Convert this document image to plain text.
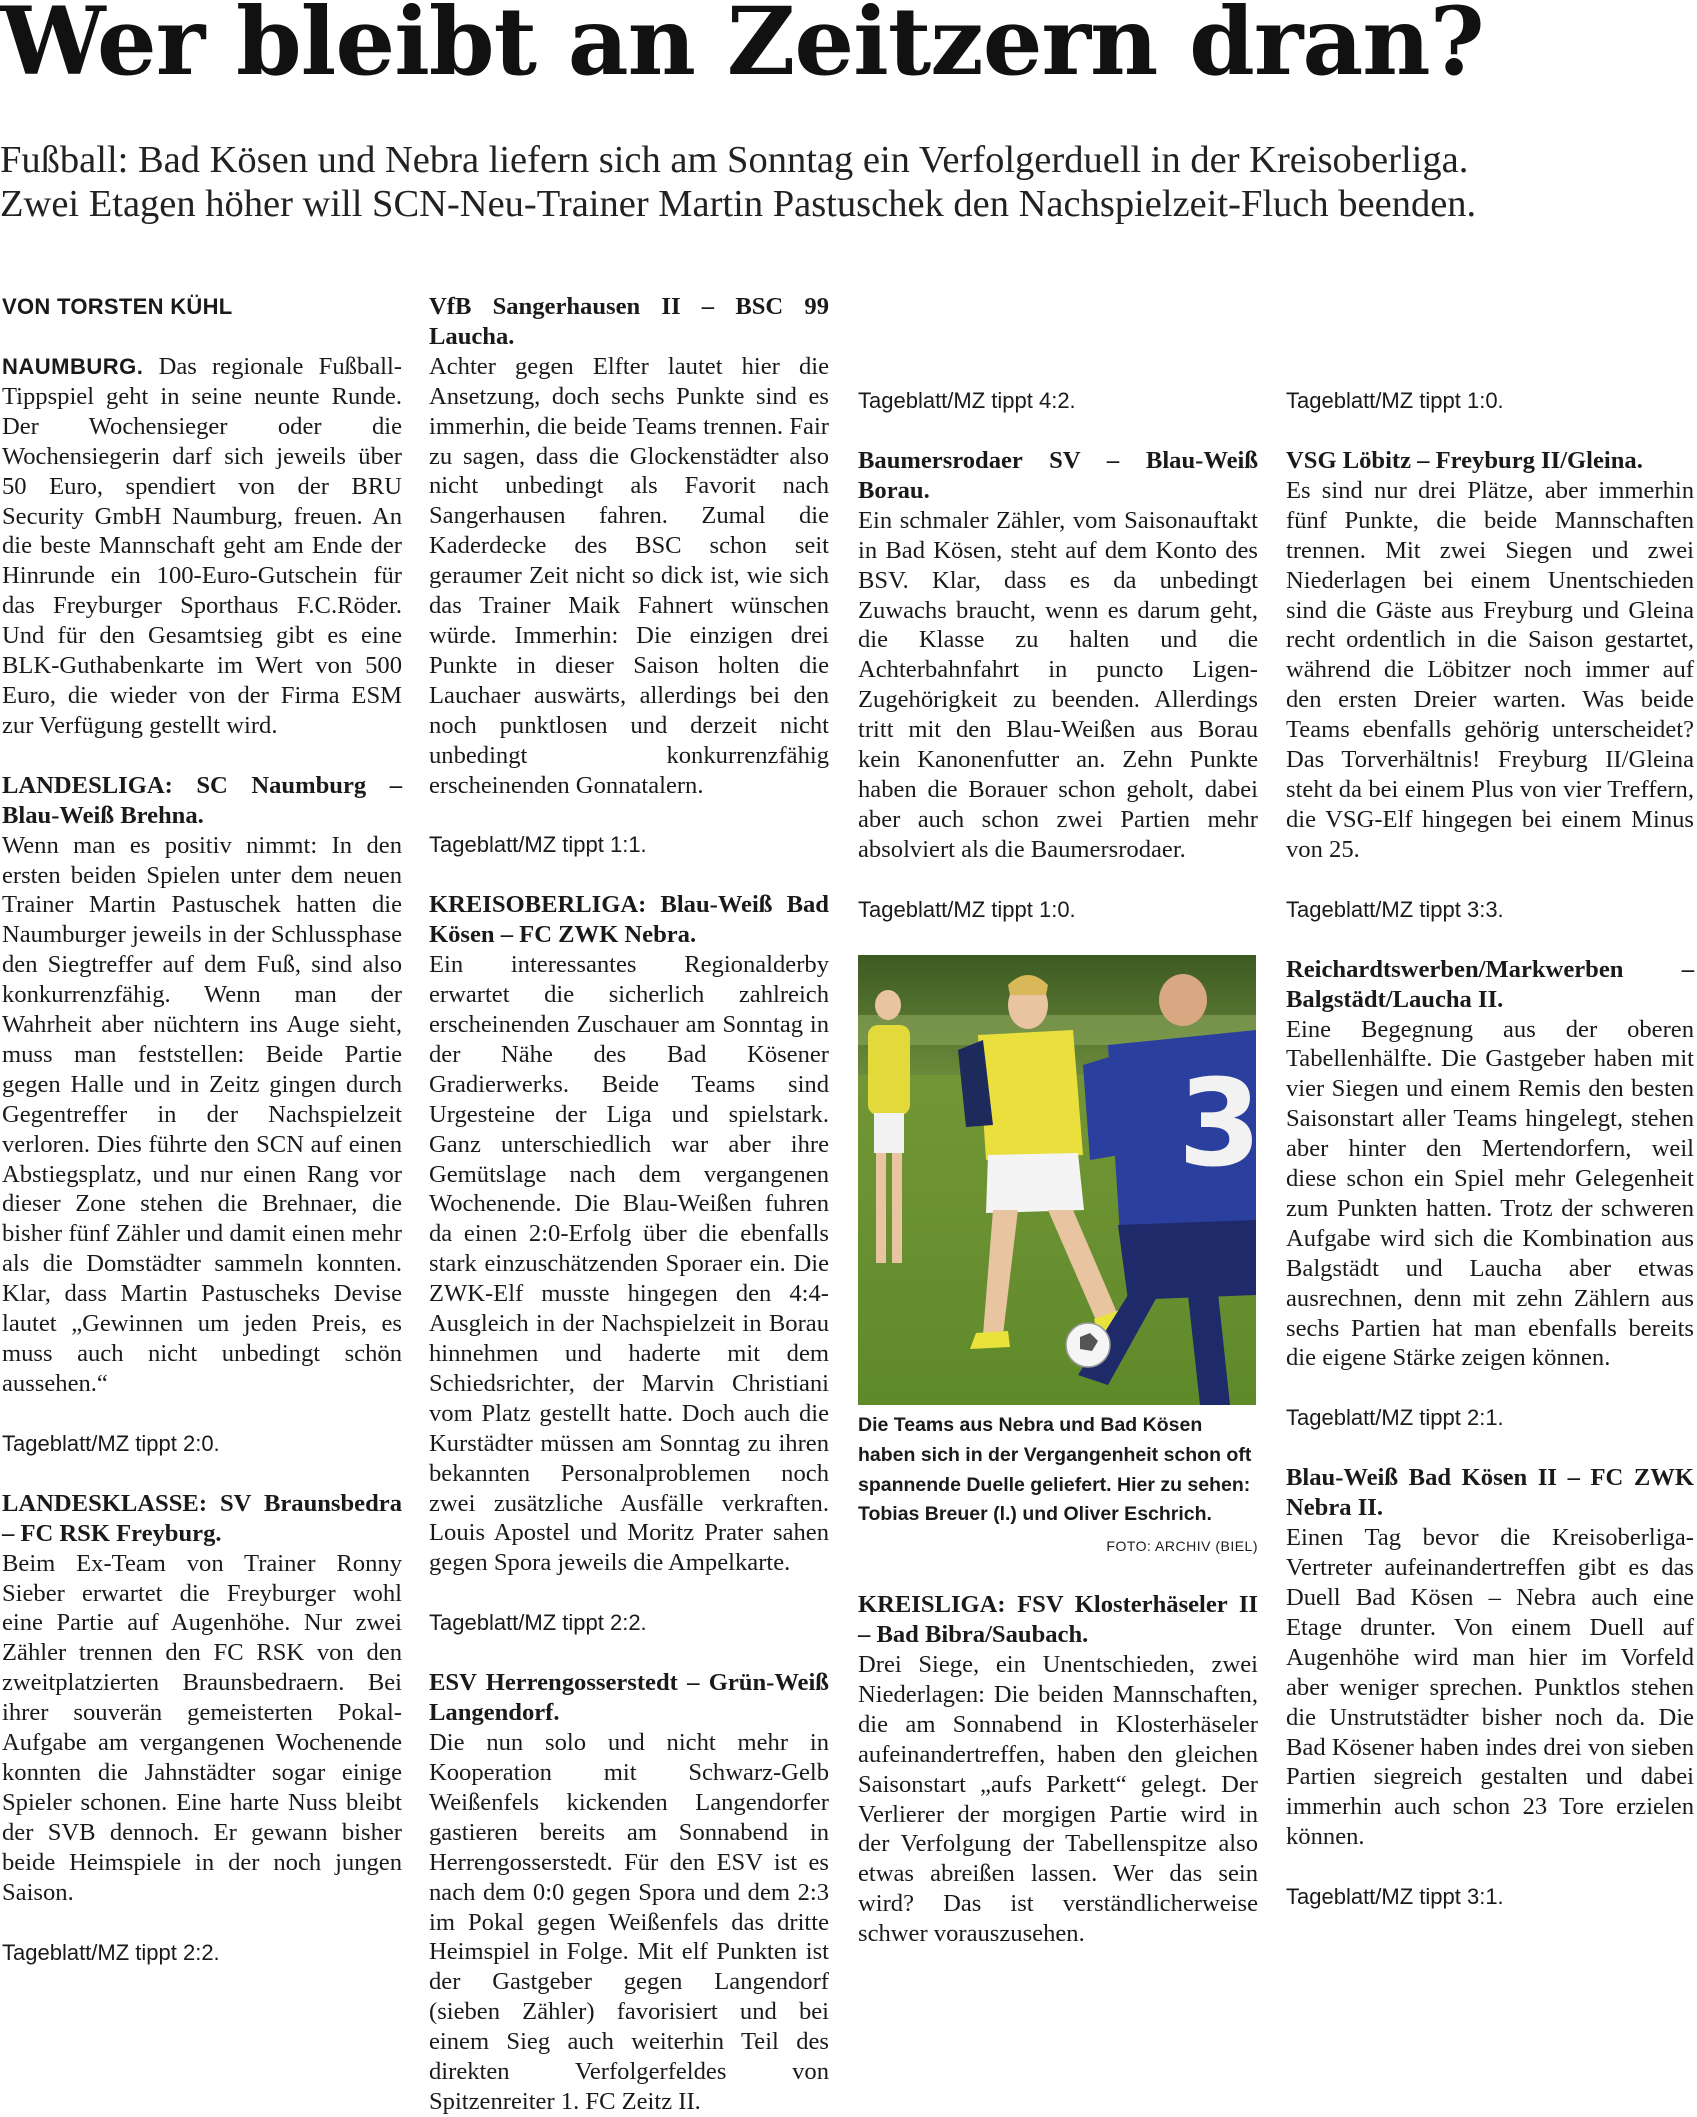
Wer bleibt an Zeitzern dran?
Fußball: Bad Kösen und Nebra liefern sich am Sonntag ein Verfolgerduell in der Kreisoberliga.
Zwei Etagen höher will SCN-Neu-Trainer Martin Pastuschek den Nachspielzeit-Fluch beenden.
VON TORSTEN KÜHL

NAUMBURG. Das regionale Fußball-Tippspiel geht in seine neunte Runde. Der Wochensieger oder die Wochensiegerin darf sich jeweils über 50 Euro, spendiert von der BRU Security GmbH Naumburg, freuen. An die beste Mannschaft geht am Ende der Hinrunde ein 100-Euro-Gutschein für das Freyburger Sporthaus F.C.Röder. Und für den Gesamtsieg gibt es eine BLK-Guthabenkarte im Wert von 500 Euro, die wieder von der Firma ESM zur Verfügung gestellt wird.

LANDESLIGA: SC Naumburg – Blau-Weiß Brehna.

Wenn man es positiv nimmt: In den ersten beiden Spielen unter dem neuen Trainer Martin Pastuschek hatten die Naumburger jeweils in der Schlussphase den Siegtreffer auf dem Fuß, sind also konkurrenzfähig. Wenn man der Wahrheit aber nüchtern ins Auge sieht, muss man feststellen: Beide Partie gegen Halle und in Zeitz gingen durch Gegentreffer in der Nachspielzeit verloren. Dies führte den SCN auf einen Abstiegsplatz, und nur einen Rang vor dieser Zone stehen die Brehnaer, die bisher fünf Zähler und damit einen mehr als die Domstädter sammeln konnten. Klar, dass Martin Pastuscheks Devise lautet „Gewinnen um jeden Preis, es muss auch nicht unbedingt schön aussehen.“

Tageblatt/MZ tippt 2:0.

LANDESKLASSE: SV Braunsbedra – FC RSK Freyburg.

Beim Ex-Team von Trainer Ronny Sieber erwartet die Freyburger wohl eine Partie auf Augenhöhe. Nur zwei Zähler trennen den FC RSK von den zweitplatzierten Braunsbedraern. Bei ihrer souverän gemeisterten Pokal-Aufgabe am vergangenen Wochenende konnten die Jahnstädter sogar einige Spieler schonen. Eine harte Nuss bleibt der SVB dennoch. Er gewann bisher beide Heimspiele in der noch jungen Saison.

Tageblatt/MZ tippt 2:2.

VfB Sangerhausen II – BSC 99 Laucha.

Achter gegen Elfter lautet hier die Ansetzung, doch sechs Punkte sind es immerhin, die beide Teams trennen. Fair zu sagen, dass die Glockenstädter also nicht unbedingt als Favorit nach Sangerhausen fahren. Zumal die Kaderdecke des BSC schon seit geraumer Zeit nicht so dick ist, wie sich das Trainer Maik Fahnert wünschen würde. Immerhin: Die einzigen drei Punkte in dieser Saison holten die Lauchaer auswärts, allerdings bei den noch punktlosen und derzeit nicht unbedingt konkurrenzfähig erscheinenden Gonnatalern.

Tageblatt/MZ tippt 1:1.

KREISOBERLIGA: Blau-Weiß Bad Kösen – FC ZWK Nebra.

Ein interessantes Regionalderby erwartet die sicherlich zahlreich erscheinenden Zuschauer am Sonntag in der Nähe des Bad Kösener Gradierwerks. Beide Teams sind Urgesteine der Liga und spielstark. Ganz unterschiedlich war aber ihre Gemütslage nach dem vergangenen Wochenende. Die Blau-Weißen fuhren da einen 2:0-Erfolg über die ebenfalls stark einzuschätzenden Sporaer ein. Die ZWK-Elf musste hingegen den 4:4-Ausgleich in der Nachspielzeit in Borau hinnehmen und haderte mit dem Schiedsrichter, der Marvin Christiani vom Platz gestellt hatte. Doch auch die Kurstädter müssen am Sonntag zu ihren bekannten Personalproblemen noch zwei zusätzliche Ausfälle verkraften. Louis Apostel und Moritz Prater sahen gegen Spora jeweils die Ampelkarte.

Tageblatt/MZ tippt 2:2.

ESV Herrengosserstedt – Grün-Weiß Langendorf.

Die nun solo und nicht mehr in Kooperation mit Schwarz-Gelb Weißenfels kickenden Langendorfer gastieren bereits am Sonnabend in Herrengosserstedt. Für den ESV ist es nach dem 0:0 gegen Spora und dem 2:3 im Pokal gegen Weißenfels das dritte Heimspiel in Folge. Mit elf Punkten ist der Gastgeber gegen Langendorf (sieben Zähler) favorisiert und bei einem Sieg auch weiterhin Teil des direkten Verfolgerfeldes von Spitzenreiter 1. FC Zeitz II.

Tageblatt/MZ tippt 4:2.

Baumersrodaer SV – Blau-Weiß Borau.

Ein schmaler Zähler, vom Saisonauftakt in Bad Kösen, steht auf dem Konto des BSV. Klar, dass es da unbedingt Zuwachs braucht, wenn es darum geht, die Klasse zu halten und die Achterbahnfahrt in puncto Ligen-Zugehörigkeit zu beenden. Allerdings tritt mit den Blau-Weißen aus Borau kein Kanonenfutter an. Zehn Punkte haben die Borauer schon geholt, dabei aber auch schon zwei Partien mehr absolviert als die Baumersrodaer.

Tageblatt/MZ tippt 1:0.
3
Die Teams aus Nebra und Bad Kösen haben sich in der Vergangenheit schon oft spannende Duelle geliefert. Hier zu sehen: Tobias Breuer (l.) und Oliver Eschrich.
FOTO: ARCHIV (BIEL)

KREISLIGA: FSV Klosterhäseler II – Bad Bibra/Saubach.

Drei Siege, ein Unentschieden, zwei Niederlagen: Die beiden Mannschaften, die am Sonnabend in Klosterhäseler aufeinandertreffen, haben den gleichen Saisonstart „aufs Parkett“ gelegt. Der Verlierer der morgigen Partie wird in der Verfolgung der Tabellenspitze also etwas abreißen lassen. Wer das sein wird? Das ist verständlicherweise schwer vorauszusehen.

Tageblatt/MZ tippt 1:0.

VSG Löbitz – Freyburg II/Gleina.

Es sind nur drei Plätze, aber immerhin fünf Punkte, die beide Mannschaften trennen. Mit zwei Siegen und zwei Niederlagen bei einem Unentschieden sind die Gäste aus Freyburg und Gleina recht ordentlich in die Saison gestartet, während die Löbitzer noch immer auf den ersten Dreier warten. Was beide Teams ebenfalls gehörig unterscheidet? Das Torverhältnis! Freyburg II/Gleina steht da bei einem Plus von vier Treffern, die VSG-Elf hingegen bei einem Minus von 25.

Tageblatt/MZ tippt 3:3.

Reichardtswerben/Markwerben – Balgstädt/Laucha II.

Eine Begegnung aus der oberen Tabellenhälfte. Die Gastgeber haben mit vier Siegen und einem Remis den besten Saisonstart aller Teams hingelegt, stehen aber hinter den Mertendorfern, weil diese schon ein Spiel mehr Gelegenheit zum Punkten hatten. Trotz der schweren Aufgabe wird sich die Kombination aus Balgstädt und Laucha aber etwas ausrechnen, denn mit zehn Zählern aus sechs Partien hat man ebenfalls bereits die eigene Stärke zeigen können.

Tageblatt/MZ tippt 2:1.

Blau-Weiß Bad Kösen II – FC ZWK Nebra II.

Einen Tag bevor die Kreisoberliga-Vertreter aufeinandertreffen gibt es das Duell Bad Kösen – Nebra auch eine Etage drunter. Von einem Duell auf Augenhöhe wird man hier im Vorfeld aber weniger sprechen. Punktlos stehen die Unstrutstädter bisher noch da. Die Bad Kösener haben indes drei von sieben Partien siegreich gestalten und dabei immerhin auch schon 23 Tore erzielen können.

Tageblatt/MZ tippt 3:1.
